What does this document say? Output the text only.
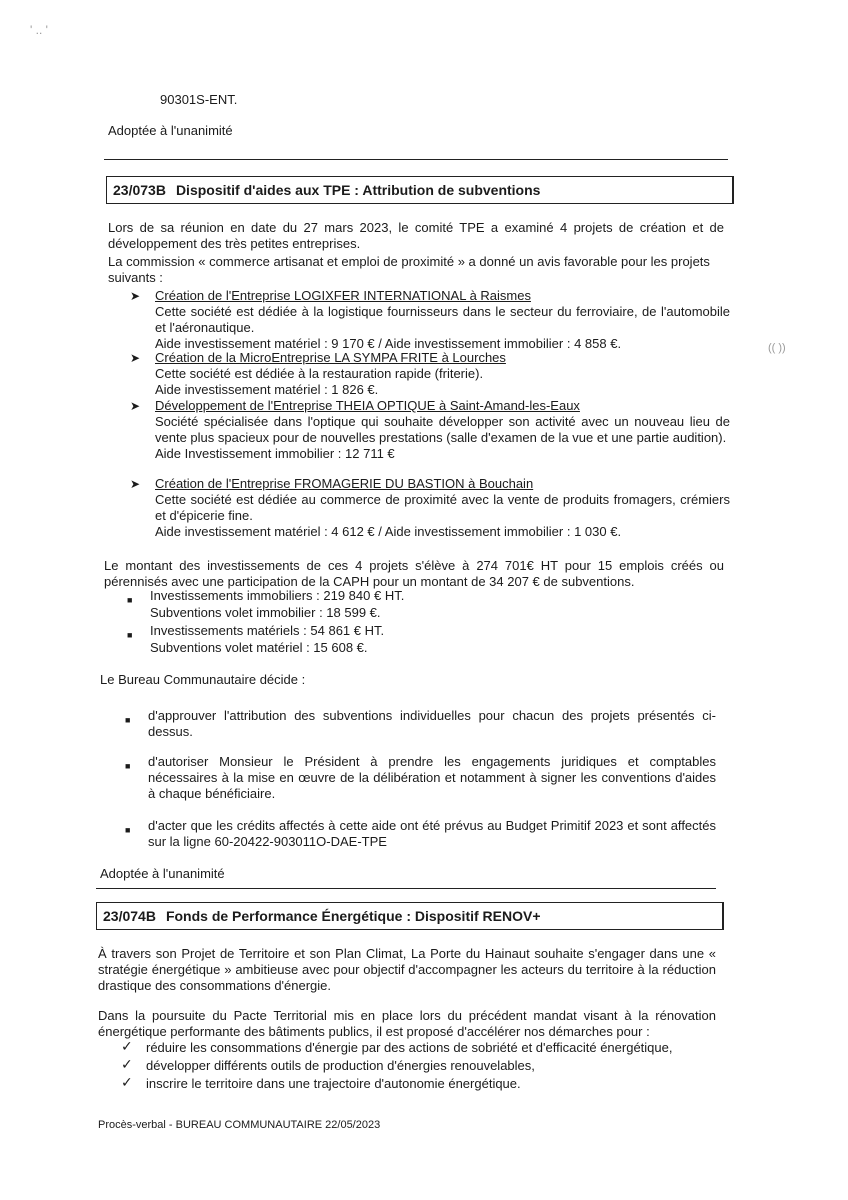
' .. '
(( ))
90301S-ENT.
Adoptée à l'unanimité
23/073B Dispositif d'aides aux TPE : Attribution de subventions

Lors de sa réunion en date du 27 mars 2023, le comité TPE a examiné 4 projets de création et de développement des très petites entreprises.

La commission « commerce artisanat et emploi de proximité » a donné un avis favorable pour les projets suivants :

➤ Création de l'Entreprise LOGIXFER INTERNATIONAL à Raismes
Cette société est dédiée à la logistique fournisseurs dans le secteur du ferroviaire, de l'automobile et l'aéronautique.
Aide investissement matériel : 9 170 € / Aide investissement immobilier : 4 858 €.
➤ Création de la MicroEntreprise LA SYMPA FRITE à Lourches
Cette société est dédiée à la restauration rapide (friterie).
Aide investissement matériel : 1 826 €.
➤ Développement de l'Entreprise THEIA OPTIQUE à Saint-Amand-les-Eaux
Société spécialisée dans l'optique qui souhaite développer son activité avec un nouveau lieu de vente plus spacieux pour de nouvelles prestations (salle d'examen de la vue et une partie audition).
Aide Investissement immobilier : 12 711 €
➤ Création de l'Entreprise FROMAGERIE DU BASTION à Bouchain
Cette société est dédiée au commerce de proximité avec la vente de produits fromagers, crémiers et d'épicerie fine.
Aide investissement matériel : 4 612 € / Aide investissement immobilier : 1 030 €.

Le montant des investissements de ces 4 projets s'élève à 274 701€ HT pour 15 emplois créés ou pérennisés avec une participation de la CAPH pour un montant de 34 207 € de subventions.

■ Investissements immobiliers : 219 840 € HT.
Subventions volet immobilier : 18 599 €.
■ Investissements matériels : 54 861 € HT.
Subventions volet matériel : 15 608 €.
Le Bureau Communautaire décide :
■ d'approuver l'attribution des subventions individuelles pour chacun des projets présentés ci-dessus.

■ d'autoriser Monsieur le Président à prendre les engagements juridiques et comptables nécessaires à la mise en œuvre de la délibération et notamment à signer les conventions d'aides à chaque bénéficiaire.

■ d'acter que les crédits affectés à cette aide ont été prévus au Budget Primitif 2023 et sont affectés sur la ligne 60-20422-903011O-DAE-TPE

Adoptée à l'unanimité
23/074B Fonds de Performance Énergétique : Dispositif RENOV+

À travers son Projet de Territoire et son Plan Climat, La Porte du Hainaut souhaite s'engager dans une « stratégie énergétique » ambitieuse avec pour objectif d'accompagner les acteurs du territoire à la réduction drastique des consommations d'énergie.

Dans la poursuite du Pacte Territorial mis en place lors du précédent mandat visant à la rénovation énergétique performante des bâtiments publics, il est proposé d'accélérer nos démarches pour :

✓ réduire les consommations d'énergie par des actions de sobriété et d'efficacité énergétique,
✓ développer différents outils de production d'énergies renouvelables,
✓ inscrire le territoire dans une trajectoire d'autonomie énergétique.
Procès-verbal - BUREAU COMMUNAUTAIRE 22/05/2023
